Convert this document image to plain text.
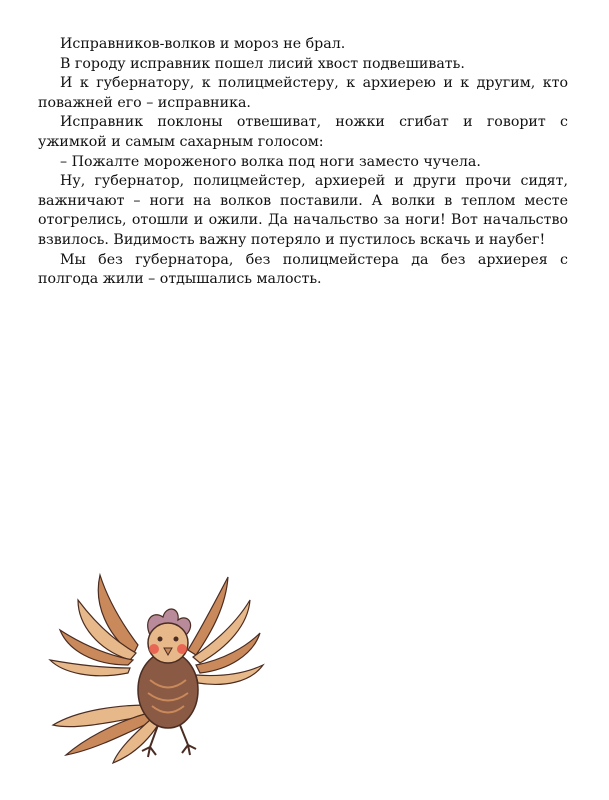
Исправников-волков и мороз не брал.

В городу исправник пошел лисий хвост подвешивать.

И к губернатору, к полицмейстеру, к архиерею и к другим, кто поважней его – исправника.

Исправник поклоны отвешиват, ножки сгибат и говорит с ужимкой и самым сахарным голосом:

– Пожалте мороженого волка под ноги заместо чучела.

Ну, губернатор, полицмейстер, архиерей и други прочи сидят, важничают – ноги на волков поставили. А волки в теплом месте отогрелись, отошли и ожили. Да начальство за ноги! Вот начальство взвилось. Видимость важну потеряло и пустилось вскачь и наубег!

Мы без губернатора, без полицмейстера да без архиерея с полгода жили – отдышались малость.
